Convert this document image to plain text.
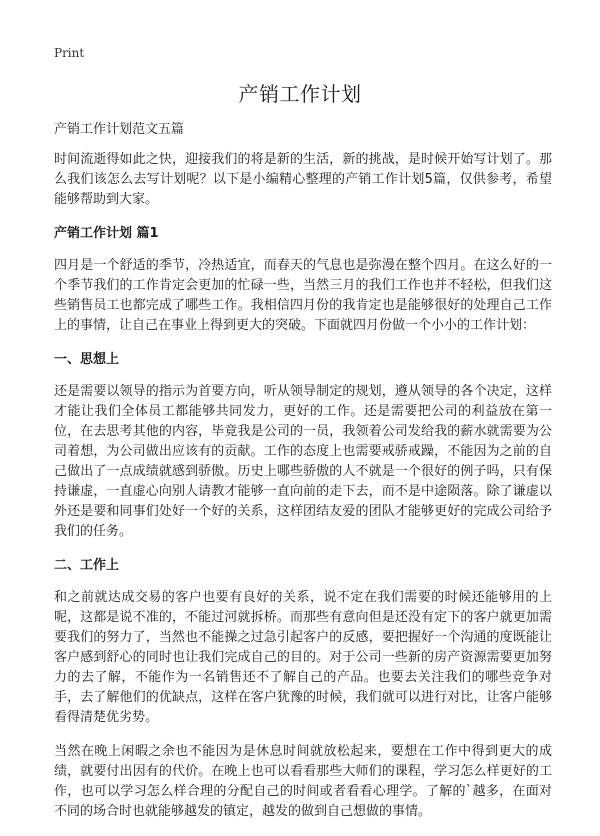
Print
产销工作计划

产销工作计划范文五篇

时间流逝得如此之快，迎接我们的将是新的生活，新的挑战，是时候开始写计划了。那么我们该怎么去写计划呢？以下是小编精心整理的产销工作计划5篇，仅供参考，希望能够帮助到大家。

产销工作计划 篇1

四月是一个舒适的季节，冷热适宜，而春天的气息也是弥漫在整个四月。在这么好的一个季节我们的工作肯定会更加的忙碌一些，当然三月的我们工作也并不轻松，但我们这些销售员工也都完成了哪些工作。我相信四月份的我肯定也是能够很好的处理自己工作上的事情，让自己在事业上得到更大的突破。下面就四月份做一个小小的工作计划：

一、思想上

还是需要以领导的指示为首要方向，听从领导制定的规划，遵从领导的各个决定，这样才能让我们全体员工都能够共同发力，更好的工作。还是需要把公司的利益放在第一位，在去思考其他的内容，毕竟我是公司的一员，我领着公司发给我的薪水就需要为公司着想，为公司做出应该有的贡献。工作的态度上也需要戒骄戒躁，不能因为之前的自己做出了一点成绩就感到骄傲。历史上哪些骄傲的人不就是一个很好的例子吗，只有保持谦虚，一直虚心向别人请教才能够一直向前的走下去，而不是中途陨落。除了谦虚以外还是要和同事们处好一个好的关系，这样团结友爱的团队才能够更好的完成公司给予我们的任务。

二、工作上

和之前就达成交易的客户也要有良好的关系，说不定在我们需要的时候还能够用的上呢，这都是说不准的，不能过河就拆桥。而那些有意向但是还没有定下的客户就更加需要我们的努力了，当然也不能操之过急引起客户的反感，要把握好一个沟通的度既能让客户感到舒心的同时也让我们完成自己的目的。对于公司一些新的房产资源需要更加努力的去了解，不能作为一名销售还不了解自己的产品。也要去关注我们的哪些竞争对手，去了解他们的优缺点，这样在客户犹豫的时候，我们就可以进行对比，让客户能够看得清楚优劣势。

当然在晚上闲暇之余也不能因为是休息时间就放松起来，要想在工作中得到更大的成绩，就要付出因有的代价。在晚上也可以看看那些大师们的课程，学习怎么样更好的工作，也可以学习怎么样合理的分配自己的时间或者看看心理学。了解的`越多，在面对不同的场合时也就能够越发的镇定，越发的做到自己想做的事情。
